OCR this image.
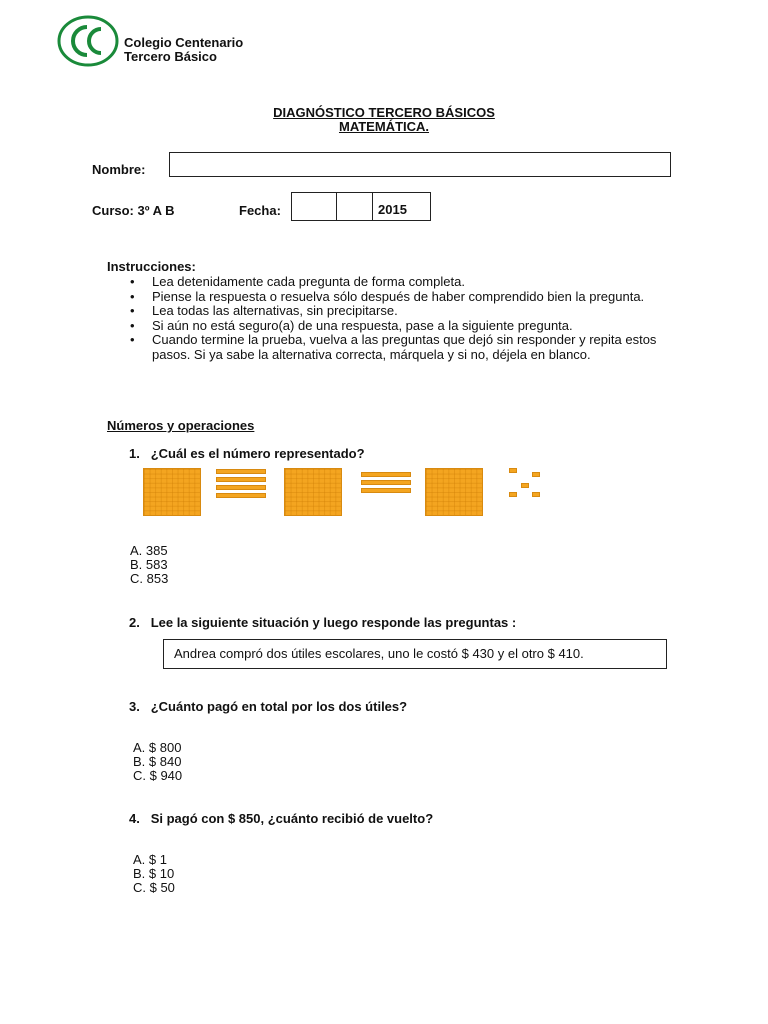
Colegio Centenario
Tercero Básico
DIAGNÓSTICO TERCERO BÁSICOS
MATEMÁTICA.
Nombre:
Curso: 3º A B	Fecha:	2015
Instrucciones:
• Lea detenidamente cada pregunta de forma completa.
• Piense la respuesta o resuelva sólo después de haber comprendido bien la pregunta.
• Lea todas las alternativas, sin precipitarse.
• Si aún no está seguro(a) de una respuesta, pase a la siguiente pregunta.
• Cuando termine la prueba, vuelva a las preguntas que dejó sin responder y repita estos pasos. Si ya sabe la alternativa correcta, márquela y si no, déjela en blanco.
Números y operaciones
1. ¿Cuál es el número representado?
A. 385
B. 583
C. 853
2. Lee la siguiente situación y luego responde las preguntas :
Andrea compró dos útiles escolares, uno le costó $ 430 y el otro $ 410.
3. ¿Cuánto pagó en total por los dos útiles?
A. $ 800
B. $ 840
C. $ 940
4. Si pagó con $ 850, ¿cuánto recibió de vuelto?
A. $ 1
B. $ 10
C. $ 50
